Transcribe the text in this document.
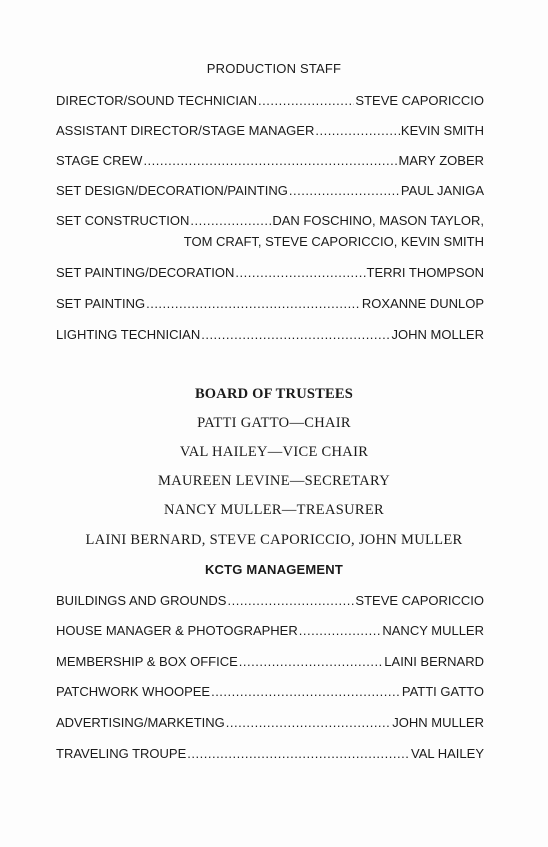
PRODUCTION STAFF
DIRECTOR/SOUND TECHNICIAN .....	STEVE CAPORICCIO
ASSISTANT DIRECTOR/STAGE MANAGER .....	KEVIN SMITH
STAGE CREW .....	MARY ZOBER
SET DESIGN/DECORATION/PAINTING .....	PAUL JANIGA
SET CONSTRUCTION .....	DAN FOSCHINO, MASON TAYLOR,
TOM CRAFT, STEVE CAPORICCIO, KEVIN SMITH
SET PAINTING/DECORATION .....	TERRI THOMPSON
SET PAINTING .....	ROXANNE DUNLOP
LIGHTING TECHNICIAN .....	JOHN MOLLER
BOARD OF TRUSTEES
PATTI GATTO—CHAIR
VAL HAILEY—VICE CHAIR
MAUREEN LEVINE—SECRETARY
NANCY MULLER—TREASURER
LAINI BERNARD, STEVE CAPORICCIO, JOHN MULLER
KCTG MANAGEMENT
BUILDINGS AND GROUNDS .....	STEVE CAPORICCIO
HOUSE MANAGER & PHOTOGRAPHER .....	NANCY MULLER
MEMBERSHIP & BOX OFFICE .....	LAINI BERNARD
PATCHWORK WHOOPEE .....	PATTI GATTO
ADVERTISING/MARKETING .....	JOHN MULLER
TRAVELING TROUPE .....	VAL HAILEY
